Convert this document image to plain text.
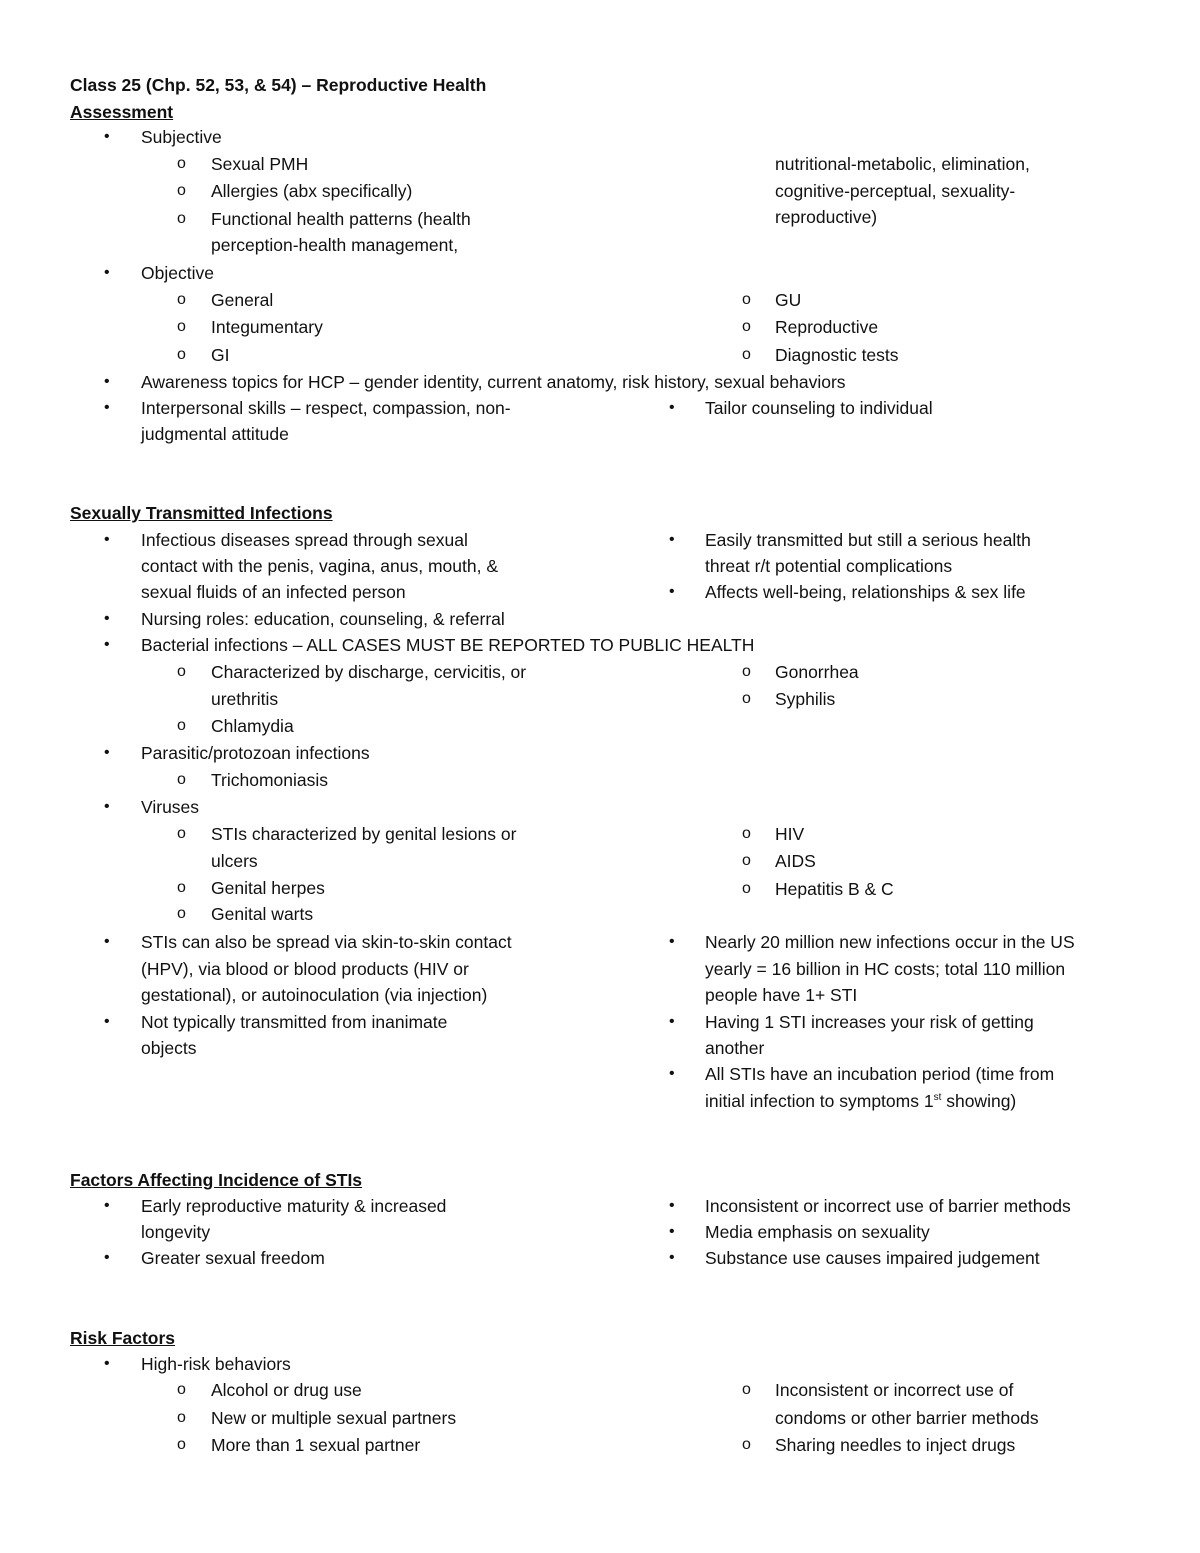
Class 25 (Chp. 52, 53, & 54) – Reproductive Health
Assessment
• Subjective
o Sexual PMH
o Allergies (abx specifically)
o Functional health patterns (health
perception-health management,
nutritional-metabolic, elimination,
cognitive-perceptual, sexuality-
reproductive)
• Objective
o General
o Integumentary
o GI
o GU
o Reproductive
o Diagnostic tests
• Awareness topics for HCP – gender identity, current anatomy, risk history, sexual behaviors
• Interpersonal skills – respect, compassion, non-
judgmental attitude
• Tailor counseling to individual
Sexually Transmitted Infections
• Infectious diseases spread through sexual
contact with the penis, vagina, anus, mouth, &
sexual fluids of an infected person
• Easily transmitted but still a serious health
threat r/t potential complications
• Affects well-being, relationships & sex life
• Nursing roles: education, counseling, & referral
• Bacterial infections – ALL CASES MUST BE REPORTED TO PUBLIC HEALTH
o Characterized by discharge, cervicitis, or
urethritis
o Chlamydia
o Gonorrhea
o Syphilis
• Parasitic/protozoan infections
o Trichomoniasis
• Viruses
o STIs characterized by genital lesions or
ulcers
o Genital herpes
o Genital warts
o HIV
o AIDS
o Hepatitis B & C
• STIs can also be spread via skin-to-skin contact
(HPV), via blood or blood products (HIV or
gestational), or autoinoculation (via injection)
• Not typically transmitted from inanimate
objects
• Nearly 20 million new infections occur in the US
yearly = 16 billion in HC costs; total 110 million
people have 1+ STI
• Having 1 STI increases your risk of getting
another
• All STIs have an incubation period (time from
initial infection to symptoms 1st showing)
Factors Affecting Incidence of STIs
• Early reproductive maturity & increased
longevity
• Greater sexual freedom
• Inconsistent or incorrect use of barrier methods
• Media emphasis on sexuality
• Substance use causes impaired judgement
Risk Factors
• High-risk behaviors
o Alcohol or drug use
o New or multiple sexual partners
o More than 1 sexual partner
o Inconsistent or incorrect use of
condoms or other barrier methods
o Sharing needles to inject drugs
